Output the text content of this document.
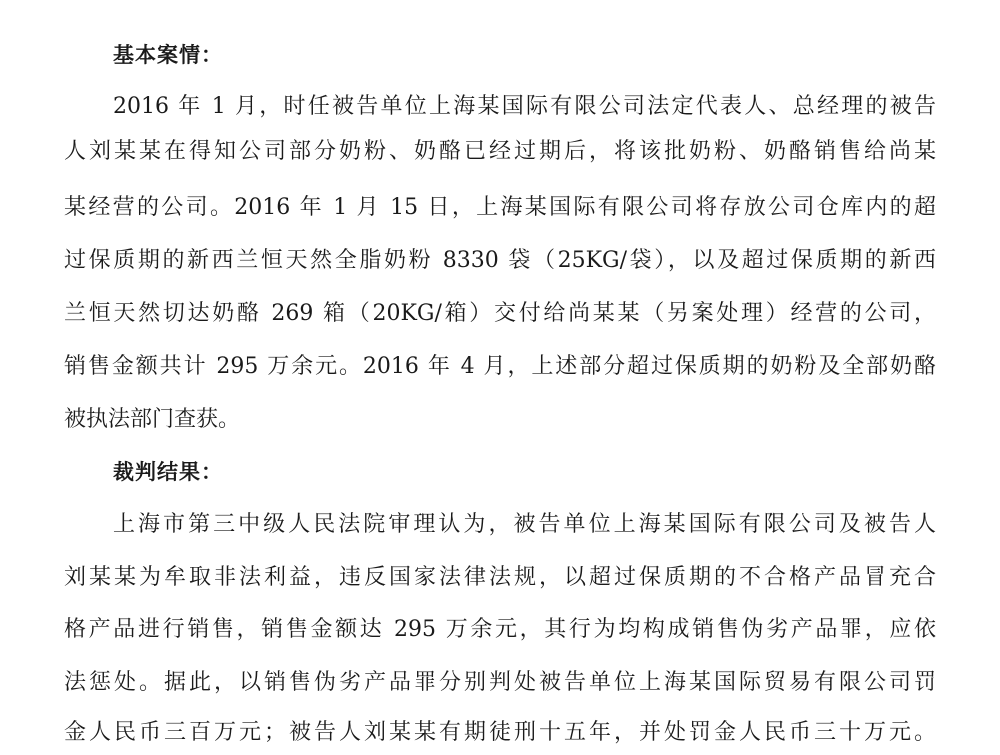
基本案情：
2016 年 1 月，时任被告单位上海某国际有限公司法定代表人、总经理的被告
人刘某某在得知公司部分奶粉、奶酪已经过期后，将该批奶粉、奶酪销售给尚某
某经营的公司。2016 年 1 月 15 日，上海某国际有限公司将存放公司仓库内的超
过保质期的新西兰恒天然全脂奶粉 8330 袋（25KG/袋），以及超过保质期的新西
兰恒天然切达奶酪 269 箱（20KG/箱）交付给尚某某（另案处理）经营的公司，
销售金额共计 295 万余元。2016 年 4 月，上述部分超过保质期的奶粉及全部奶酪
被执法部门查获。
裁判结果：
上海市第三中级人民法院审理认为，被告单位上海某国际有限公司及被告人
刘某某为牟取非法利益，违反国家法律法规，以超过保质期的不合格产品冒充合
格产品进行销售，销售金额达 295 万余元，其行为均构成销售伪劣产品罪，应依
法惩处。据此，以销售伪劣产品罪分别判处被告单位上海某国际贸易有限公司罚
金人民币三百万元；被告人刘某某有期徒刑十五年，并处罚金人民币三十万元。
